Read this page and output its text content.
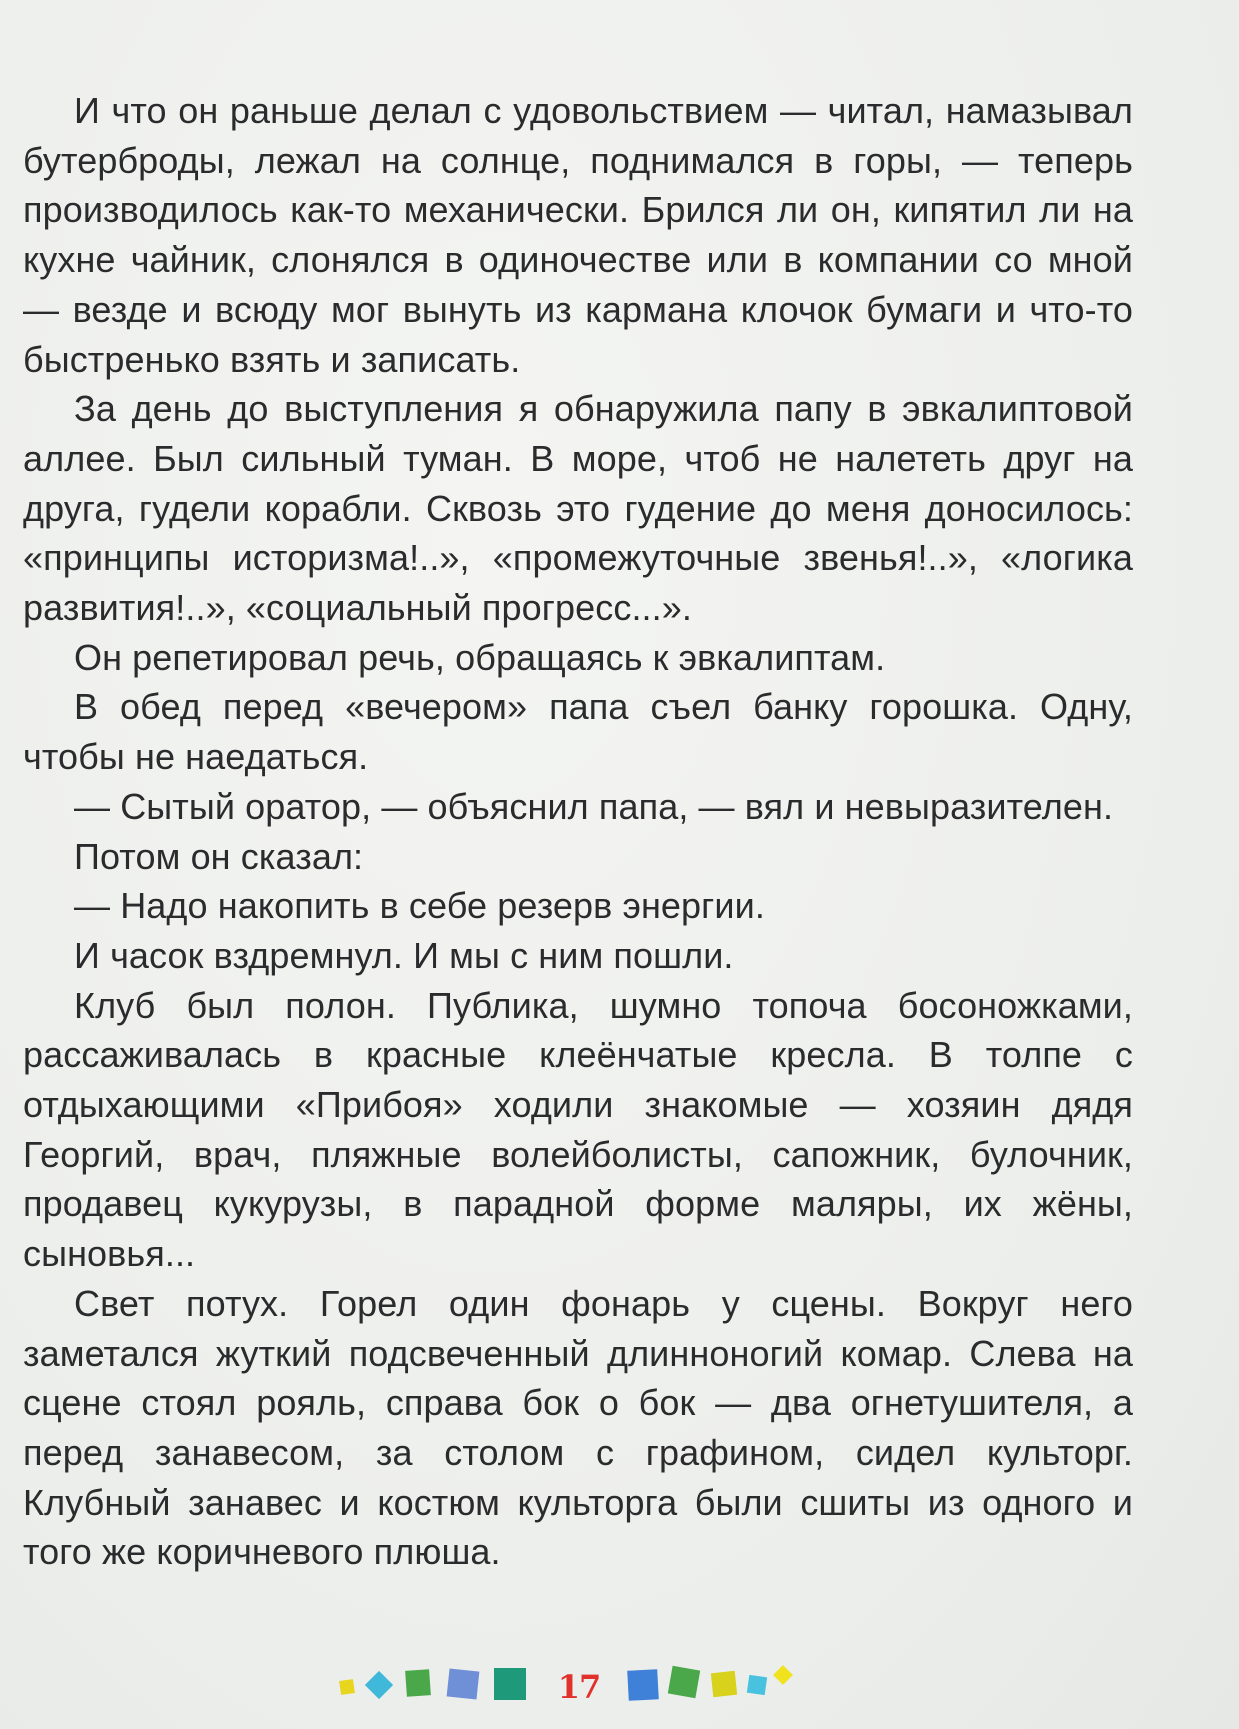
И что он раньше делал с удовольствием — читал, намазывал бутерброды, лежал на солнце, поднимался в горы, — теперь производилось как-то механически. Брился ли он, кипятил ли на кухне чайник, слонялся в одиночестве или в компании со мной — везде и всюду мог вынуть из кармана клочок бумаги и что-то быстренько взять и записать.

За день до выступления я обнаружила папу в эвкалиптовой аллее. Был сильный туман. В море, чтоб не налететь друг на друга, гудели корабли. Сквозь это гудение до меня доносилось: «принципы историзма!..», «промежуточные звенья!..», «логика развития!..», «социальный прогресс...».

Он репетировал речь, обращаясь к эвкалиптам.

В обед перед «вечером» папа съел банку горошка. Одну, чтобы не наедаться.

— Сытый оратор, — объяснил папа, — вял и невыразителен.

Потом он сказал:

— Надо накопить в себе резерв энергии.

И часок вздремнул. И мы с ним пошли.

Клуб был полон. Публика, шумно топоча босоножками, рассаживалась в красные клеёнчатые кресла. В толпе с отдыхающими «Прибоя» ходили знакомые — хозяин дядя Георгий, врач, пляжные волейболисты, сапожник, булочник, продавец кукурузы, в парадной форме маляры, их жёны, сыновья...

Свет потух. Горел один фонарь у сцены. Вокруг него заметался жуткий подсвеченный длинноногий комар. Слева на сцене стоял рояль, справа бок о бок — два огнетушителя, а перед занавесом, за столом с графином, сидел культорг. Клубный занавес и костюм культорга были сшиты из одного и того же коричневого плюша.

17
